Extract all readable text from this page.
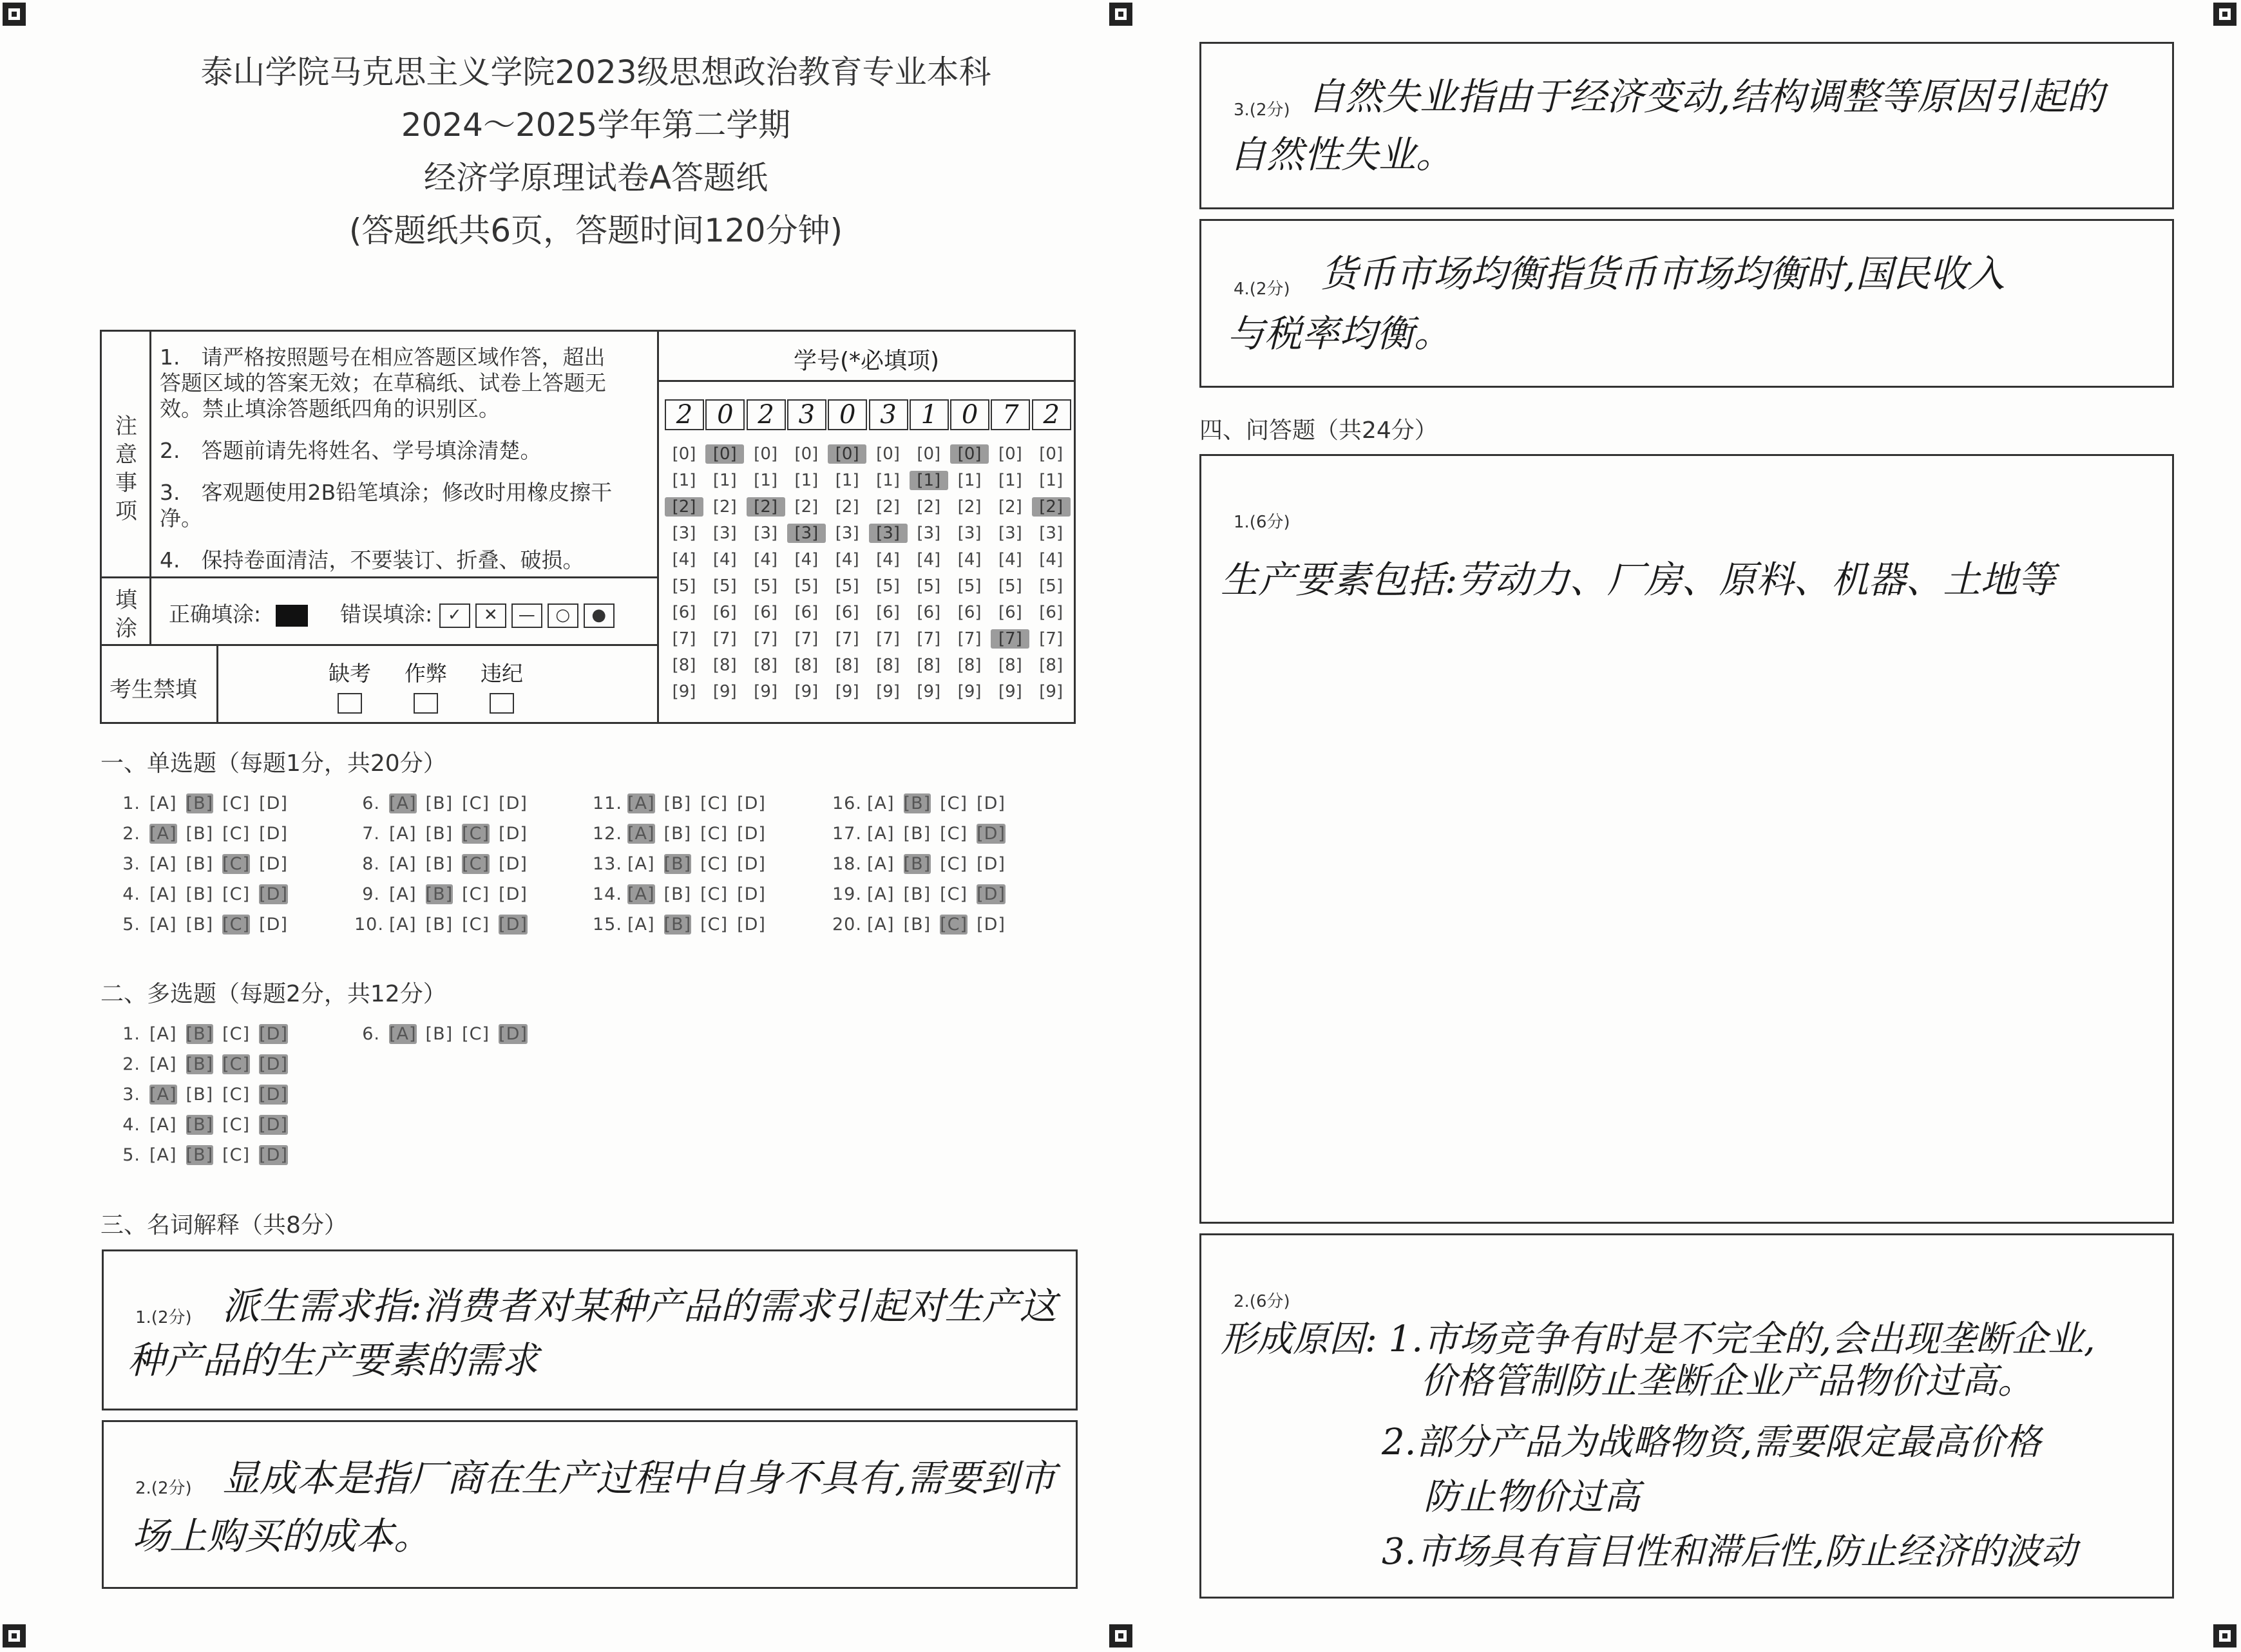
泰山学院马克思主义学院2023级思想政治教育专业本科
2024～2025学年第二学期
经济学原理试卷A答题纸
(答题纸共6页，答题时间120分钟)
注意事项
1.　请严格按照题号在相应答题区域作答，超出答题区域的答案无效；在草稿纸、试卷上答题无效。禁止填涂答题纸四角的识别区。
2.　答题前请先将姓名、学号填涂清楚。
3.　客观题使用2B铅笔填涂；修改时用橡皮擦干净。
4.　保持卷面清洁，不要装订、折叠、破损。
填涂
正确填涂:	错误填涂: ✓ ✕ — ○ ●
考生禁填
缺考 作弊 违纪
学号(*必填项)
2 0 2 3 0 3 1 0 7 2
[0]
[1]
[2]
[3]
[4]
[5]
[6]
[7]
[8]
[9]
[0]
[1]
[2]
[3]
[4]
[5]
[6]
[7]
[8]
[9]
[0]
[1]
[2]
[3]
[4]
[5]
[6]
[7]
[8]
[9]
[0]
[1]
[2]
[3]
[4]
[5]
[6]
[7]
[8]
[9]
[0]
[1]
[2]
[3]
[4]
[5]
[6]
[7]
[8]
[9]
[0]
[1]
[2]
[3]
[4]
[5]
[6]
[7]
[8]
[9]
[0]
[1]
[2]
[3]
[4]
[5]
[6]
[7]
[8]
[9]
[0]
[1]
[2]
[3]
[4]
[5]
[6]
[7]
[8]
[9]
[0]
[1]
[2]
[3]
[4]
[5]
[6]
[7]
[8]
[9]
[0]
[1]
[2]
[3]
[4]
[5]
[6]
[7]
[8]
[9]
一、单选题（每题1分，共20分）
1. [A] [B] [C] [D]
2. [A] [B] [C] [D]
3. [A] [B] [C] [D]
4. [A] [B] [C] [D]
5. [A] [B] [C] [D]
6. [A] [B] [C] [D]
7. [A] [B] [C] [D]
8. [A] [B] [C] [D]
9. [A] [B] [C] [D]
10. [A] [B] [C] [D]
11. [A] [B] [C] [D]
12. [A] [B] [C] [D]
13. [A] [B] [C] [D]
14. [A] [B] [C] [D]
15. [A] [B] [C] [D]
16. [A] [B] [C] [D]
17. [A] [B] [C] [D]
18. [A] [B] [C] [D]
19. [A] [B] [C] [D]
20. [A] [B] [C] [D]
二、多选题（每题2分，共12分）
1. [A] [B] [C] [D]
2. [A] [B] [C] [D]
3. [A] [B] [C] [D]
4. [A] [B] [C] [D]
5. [A] [B] [C] [D]
6. [A] [B] [C] [D]
三、名词解释（共8分）
1.(2分) 派生需求指:消费者对某种产品的需求引起对生产这
种产品的生产要素的需求
2.(2分) 显成本是指厂商在生产过程中自身不具有,需要到市
场上购买的成本。
3.(2分) 自然失业指由于经济变动,结构调整等原因引起的
自然性失业。
4.(2分) 货币市场均衡指货币市场均衡时,国民收入
与税率均衡。
四、问答题（共24分）
1.(6分)
生产要素包括:劳动力、厂房、原料、机器、土地等
2.(6分)
形成原因: 1.市场竞争有时是不完全的,会出现垄断企业,
价格管制防止垄断企业产品物价过高。
2.部分产品为战略物资,需要限定最高价格
防止物价过高
3.市场具有盲目性和滞后性,防止经济的波动
